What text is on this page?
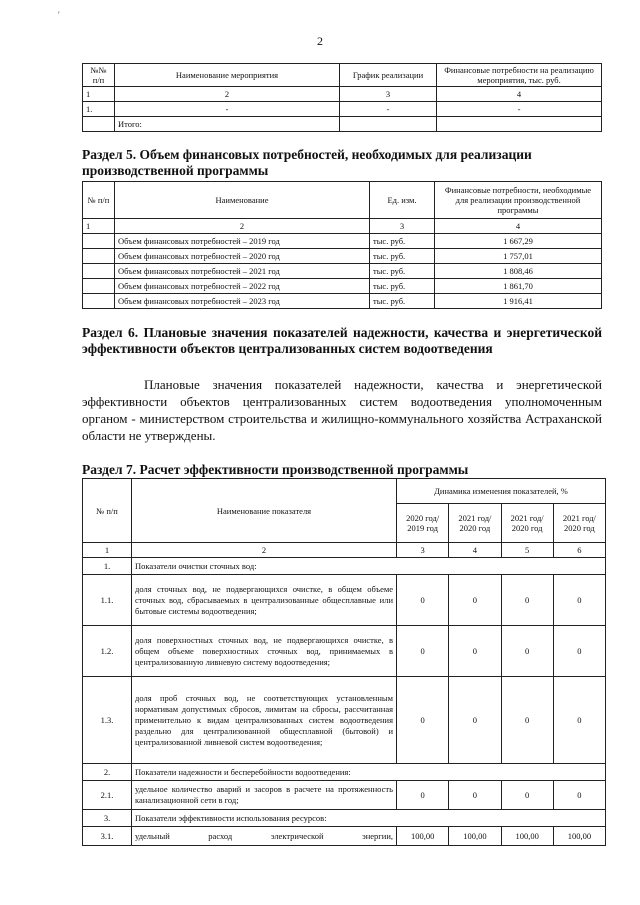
'
2
№№ п/п	Наименование мероприятия	График реализации	Финансовые потребности на реализацию мероприятия, тыс. руб.
1	2	3	4
1.	-	-	-
	Итого:		
Раздел 5. Объем финансовых потребностей, необходимых для реализации производственной программы
№ п/п	Наименование	Ед. изм.	Финансовые потребности, необходимые для реализации производственной программы
1	2	3	4
	Объем финансовых потребностей – 2019 год	тыс. руб.	1 667,29
	Объем финансовых потребностей – 2020 год	тыс. руб.	1 757,01
	Объем финансовых потребностей – 2021 год	тыс. руб.	1 808,46
	Объем финансовых потребностей – 2022 год	тыс. руб.	1 861,70
	Объем финансовых потребностей – 2023 год	тыс. руб.	1 916,41
Раздел 6. Плановые значения показателей надежности, качества и энергетической эффективности объектов централизованных систем водоотведения
Плановые значения показателей надежности, качества и энергетической эффективности объектов централизованных систем водоотведения уполномоченным органом - министерством строительства и жилищно-коммунального хозяйства Астраханской области не утверждены.
Раздел 7. Расчет эффективности производственной программы
№ п/п	Наименование показателя	Динамика изменения показателей, %			
		2020 год/ 2019 год	2021 год/ 2020 год	2021 год/ 2020 год	2021 год/ 2020 год
1	2	3	4	5	6
1.	Показатели очистки сточных вод:				
1.1.	доля сточных вод, не подвергающихся очистке, в общем объеме сточных вод, сбрасываемых в централизованные общесплавные или бытовые системы водоотведения;	0	0	0	0
1.2.	доля поверхностных сточных вод, не подвергающихся очистке, в общем объеме поверхностных сточных вод, принимаемых в централизованную ливневую систему водоотведения;	0	0	0	0
1.3.	доля проб сточных вод, не соответствующих установленным нормативам допустимых сбросов, лимитам на сбросы, рассчитанная применительно к видам централизованных систем водоотведения раздельно для централизованной общесплавной (бытовой) и централизованной ливневой систем водоотведения;	0	0	0	0
2.	Показатели надежности и бесперебойности водоотведения:				
2.1.	удельное количество аварий и засоров в расчете на протяженность канализационной сети в год;	0	0	0	0
3.	Показатели эффективности использования ресурсов:				
3.1.	удельный расход электрической энергии,	100,00	100,00	100,00	100,00
